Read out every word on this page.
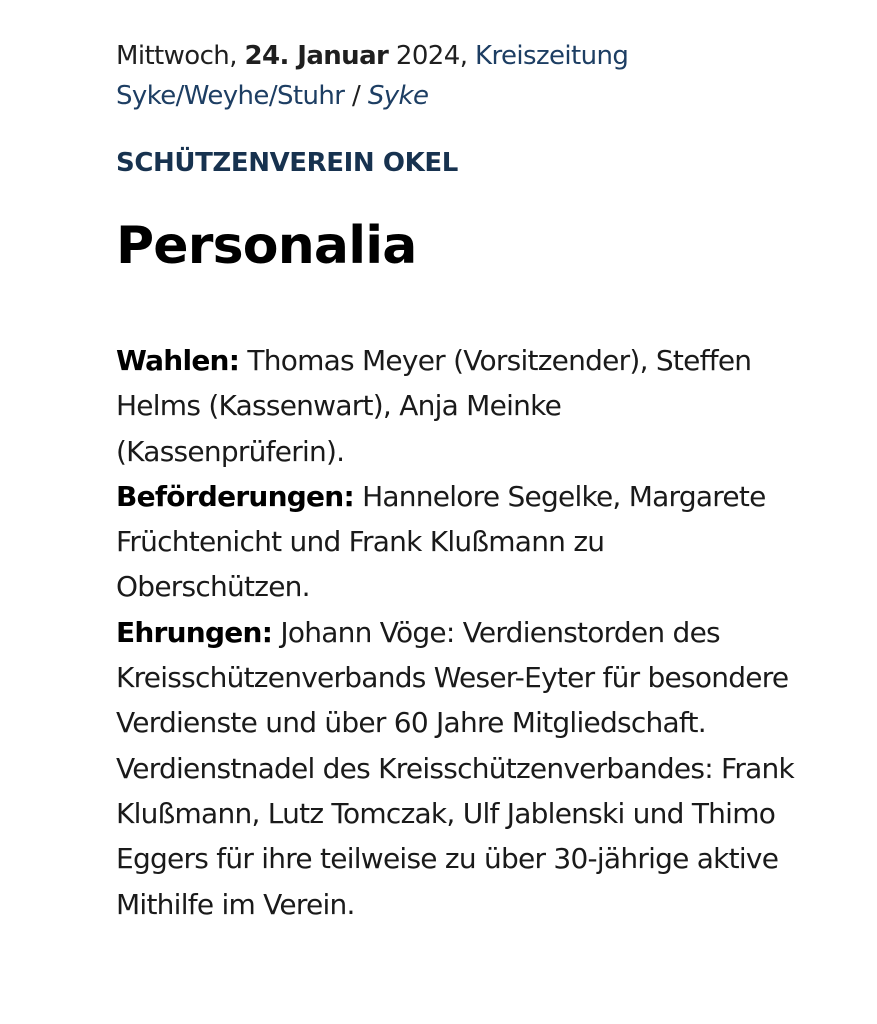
Mittwoch, 24. Januar 2024, Kreiszeitung
Syke/Weyhe/Stuhr / Syke
SCHÜTZENVEREIN OKEL
Personalia

Wahlen: Thomas Meyer (Vorsitzender), Steffen Helms (Kassenwart), Anja Meinke (Kassenprüferin).

Beförderungen: Hannelore Segelke, Margarete Früchtenicht und Frank Klußmann zu Oberschützen.

Ehrungen: Johann Vöge: Verdienstorden des Kreisschützenverbands Weser-Eyter für besondere Verdienste und über 60 Jahre Mitgliedschaft. Verdienstnadel des Kreisschützenverbandes: Frank Klußmann, Lutz Tomczak, Ulf Jablenski und Thimo Eggers für ihre teilweise zu über 30-jährige aktive Mithilfe im Verein.
